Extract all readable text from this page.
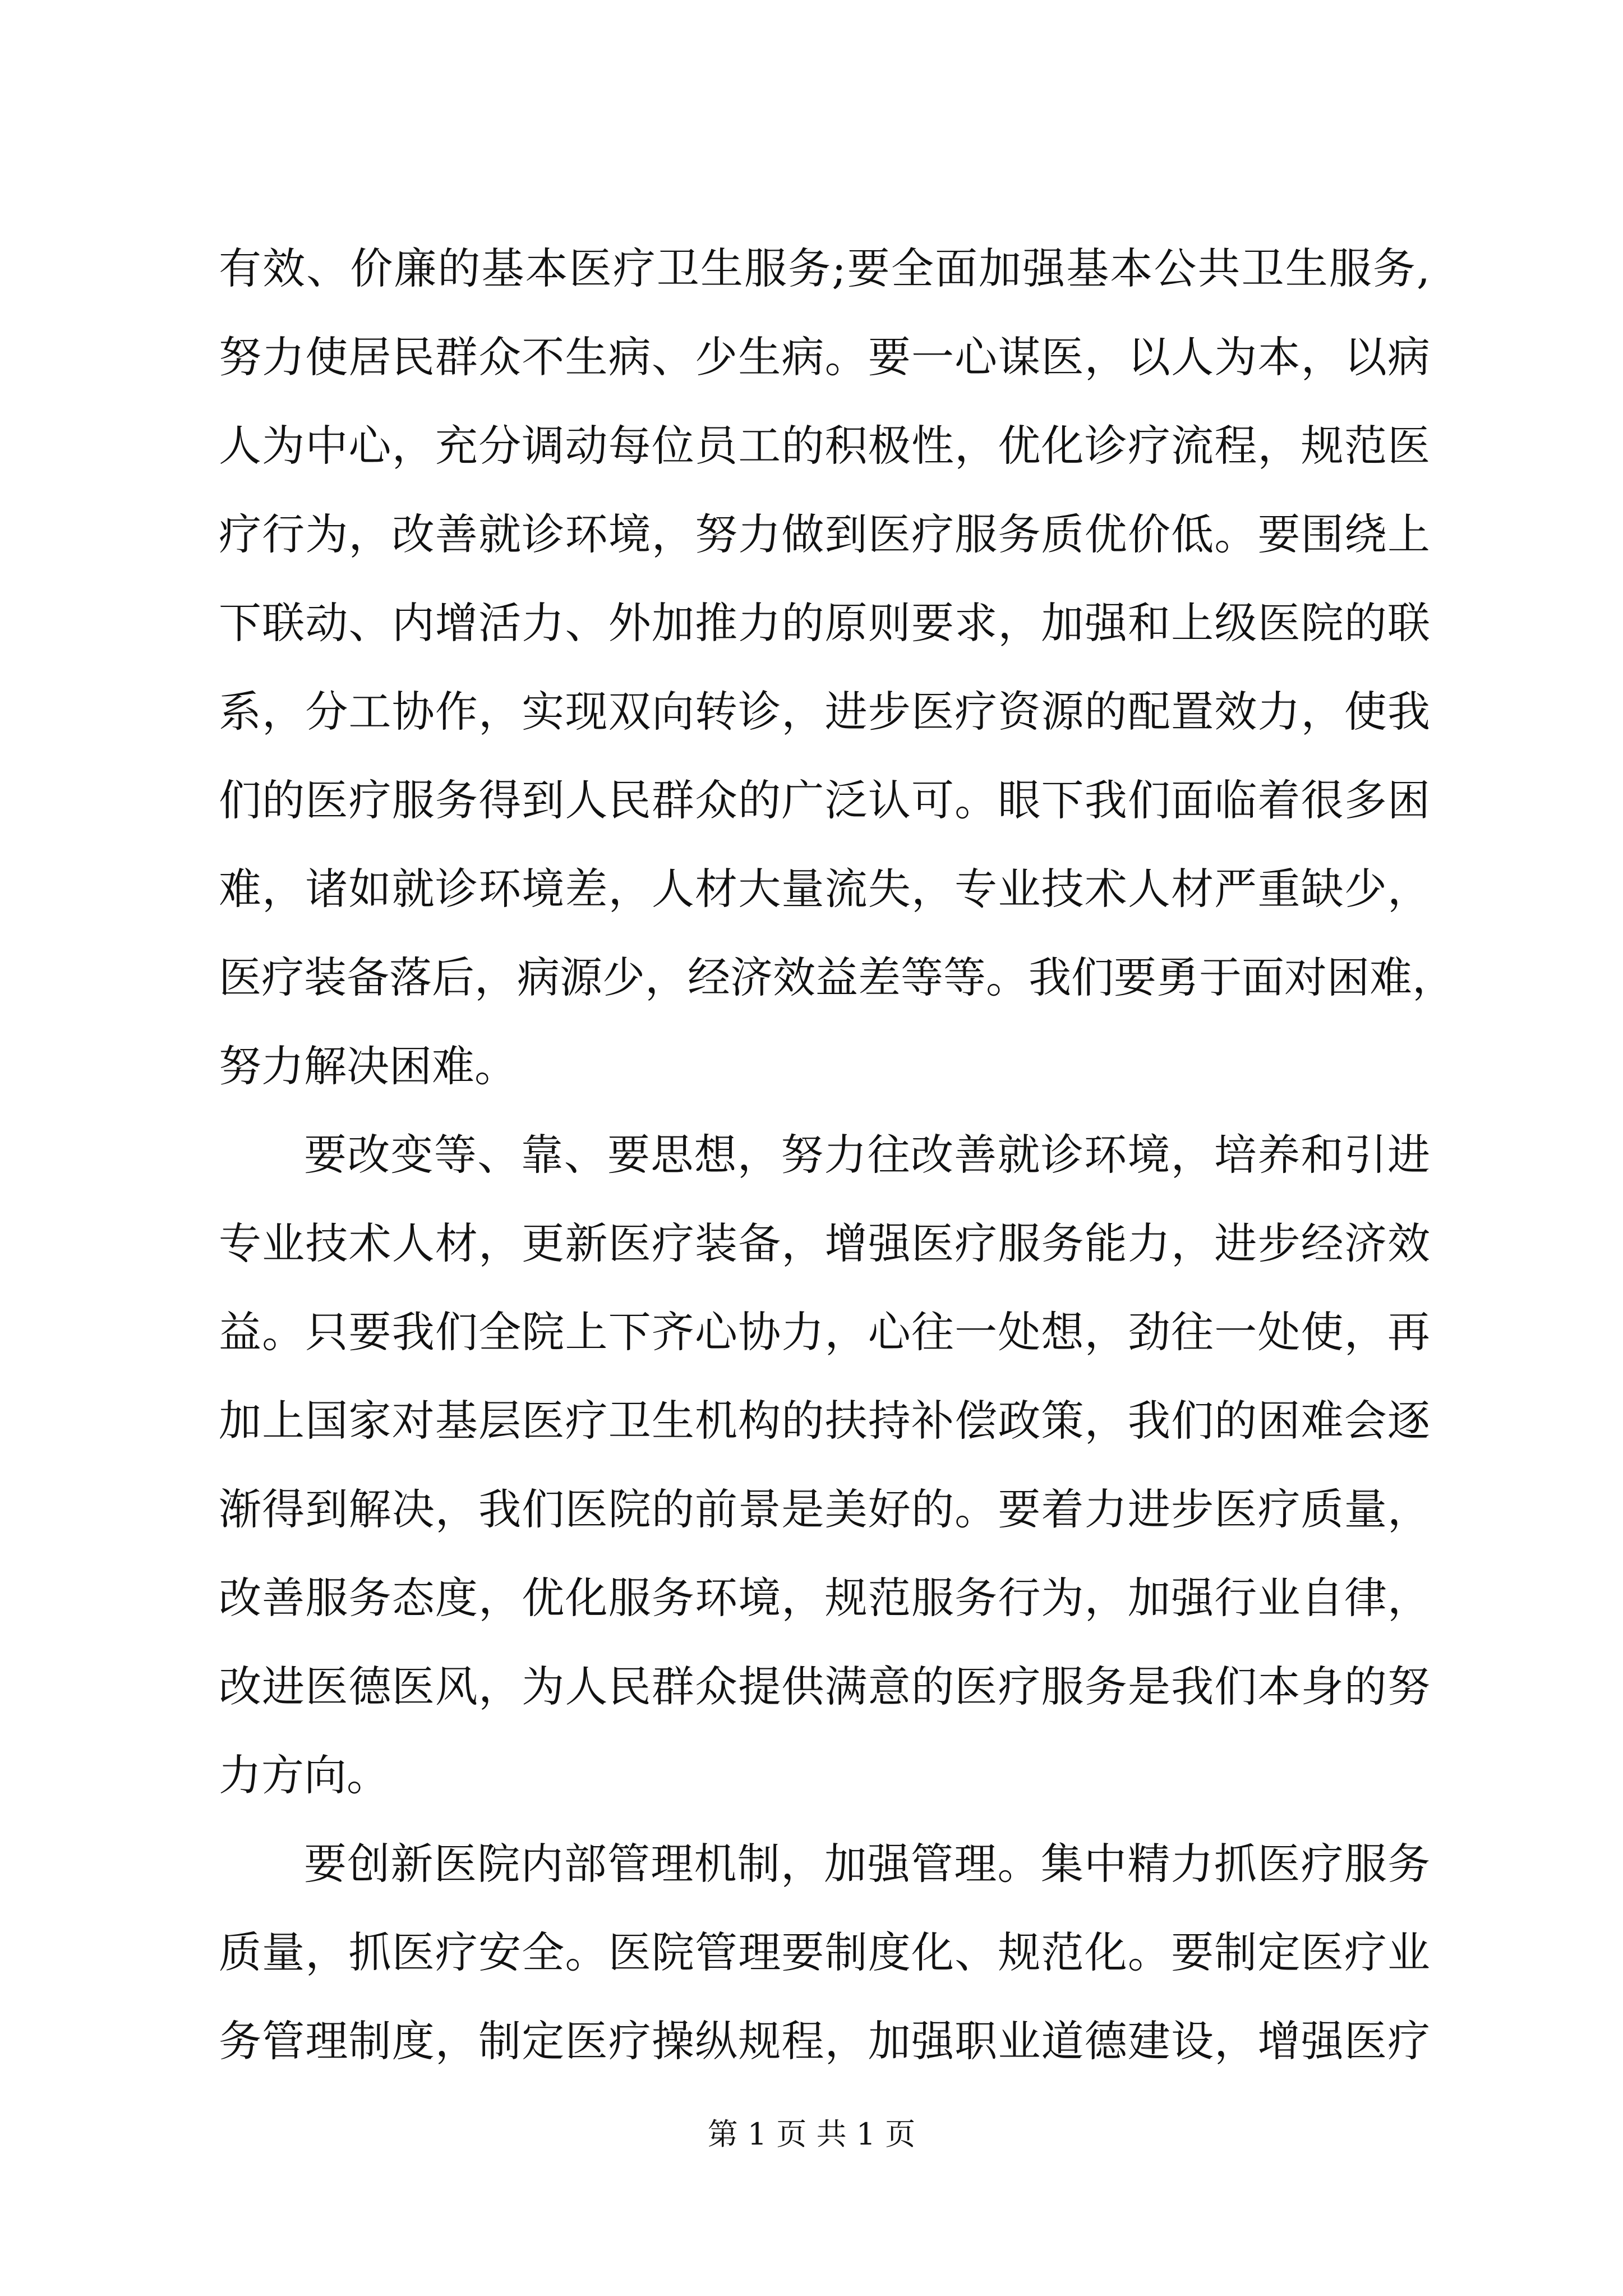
有效、价廉的基本医疗卫生服务;要全面加强基本公共卫生服务,
努力使居民群众不生病、少生病。要一心谋医，以人为本，以病
人为中心，充分调动每位员工的积极性，优化诊疗流程，规范医
疗行为，改善就诊环境，努力做到医疗服务质优价低。要围绕上
下联动、内增活力、外加推力的原则要求，加强和上级医院的联
系，分工协作，实现双向转诊，进步医疗资源的配置效力，使我
们的医疗服务得到人民群众的广泛认可。眼下我们面临着很多困
难，诸如就诊环境差，人材大量流失，专业技术人材严重缺少，
医疗装备落后，病源少，经济效益差等等。我们要勇于面对困难，
努力解决困难。
要改变等、靠、要思想，努力往改善就诊环境，培养和引进
专业技术人材，更新医疗装备，增强医疗服务能力，进步经济效
益。只要我们全院上下齐心协力，心往一处想，劲往一处使，再
加上国家对基层医疗卫生机构的扶持补偿政策，我们的困难会逐
渐得到解决，我们医院的前景是美好的。要着力进步医疗质量，
改善服务态度，优化服务环境，规范服务行为，加强行业自律，
改进医德医风，为人民群众提供满意的医疗服务是我们本身的努
力方向。
要创新医院内部管理机制，加强管理。集中精力抓医疗服务
质量，抓医疗安全。医院管理要制度化、规范化。要制定医疗业
务管理制度，制定医疗操纵规程，加强职业道德建设，增强医疗
第 1 页 共 1 页
